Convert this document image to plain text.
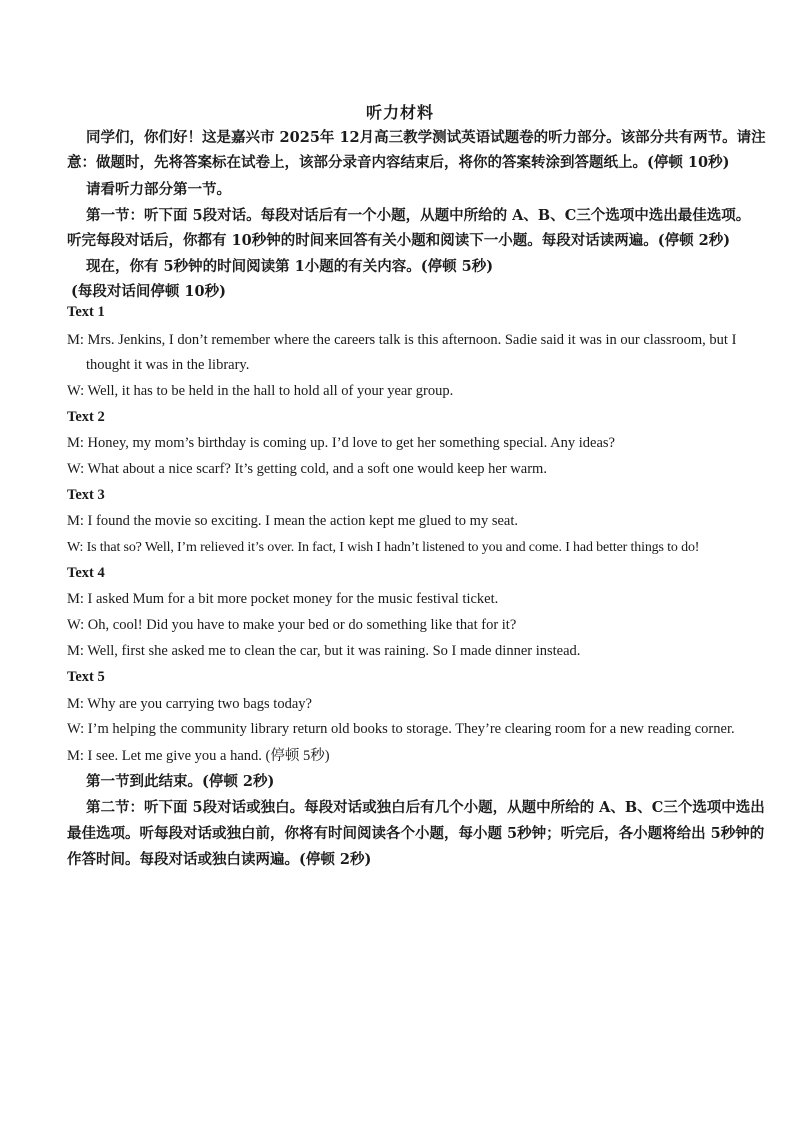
听力材料
同学们，你们好！这是嘉兴市 2025年 12月高三教学测试英语试题卷的听力部分。该部分共有两节。请注
意：做题时，先将答案标在试卷上，该部分录音内容结束后，将你的答案转涂到答题纸上。(停顿 10秒)
请看听力部分第一节。
第一节：听下面 5段对话。每段对话后有一个小题，从题中所给的 A、B、C三个选项中选出最佳选项。
听完每段对话后，你都有 10秒钟的时间来回答有关小题和阅读下一小题。每段对话读两遍。(停顿 2秒)
现在，你有 5秒钟的时间阅读第 1小题的有关内容。(停顿 5秒)
(每段对话间停顿 10秒)
Text 1
M: Mrs. Jenkins, I don’t remember where the careers talk is this afternoon. Sadie said it was in our classroom, but I
thought it was in the library.
W: Well, it has to be held in the hall to hold all of your year group.
Text 2
M: Honey, my mom’s birthday is coming up. I’d love to get her something special. Any ideas?
W: What about a nice scarf? It’s getting cold, and a soft one would keep her warm.
Text 3
M: I found the movie so exciting. I mean the action kept me glued to my seat.
W: Is that so? Well, I’m relieved it’s over. In fact, I wish I hadn’t listened to you and come. I had better things to do!
Text 4
M: I asked Mum for a bit more pocket money for the music festival ticket.
W: Oh, cool! Did you have to make your bed or do something like that for it?
M: Well, first she asked me to clean the car, but it was raining. So I made dinner instead.
Text 5
M: Why are you carrying two bags today?
W: I’m helping the community library return old books to storage. They’re clearing room for a new reading corner.
M: I see. Let me give you a hand. (停顿 5秒)
第一节到此结束。(停顿 2秒)
第二节：听下面 5段对话或独白。每段对话或独白后有几个小题，从题中所给的 A、B、C三个选项中选出
最佳选项。听每段对话或独白前，你将有时间阅读各个小题，每小题 5秒钟；听完后，各小题将给出 5秒钟的
作答时间。每段对话或独白读两遍。(停顿 2秒)
